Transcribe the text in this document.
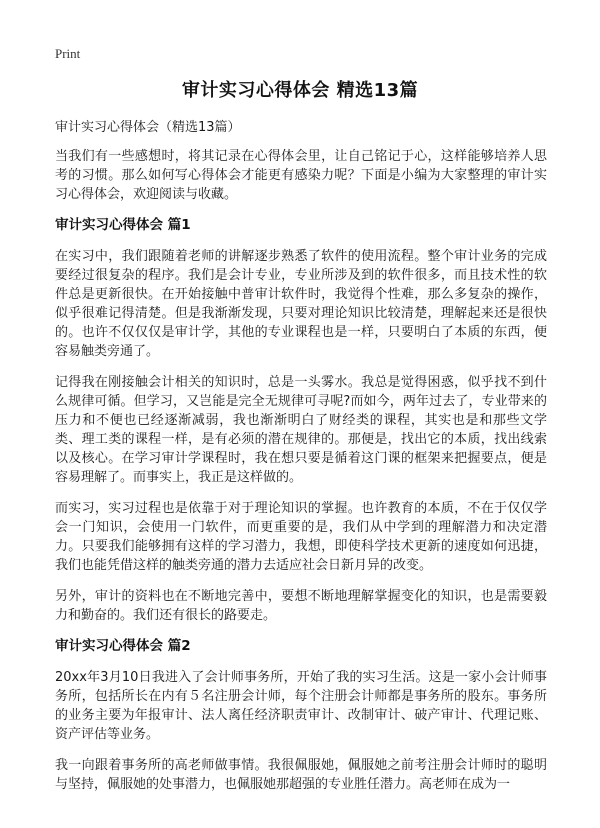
Print
审计实习心得体会 精选13篇
审计实习心得体会（精选13篇）

当我们有一些感想时，将其记录在心得体会里，让自己铭记于心，这样能够培养人思考的习惯。那么如何写心得体会才能更有感染力呢？下面是小编为大家整理的审计实习心得体会，欢迎阅读与收藏。

审计实习心得体会 篇1

在实习中，我们跟随着老师的讲解逐步熟悉了软件的使用流程。整个审计业务的完成要经过很复杂的程序。我们是会计专业，专业所涉及到的软件很多，而且技术性的软件总是更新很快。在开始接触中普审计软件时，我觉得个性难，那么多复杂的操作，似乎很难记得清楚。但是我渐渐发现，只要对理论知识比较清楚，理解起来还是很快的。也许不仅仅仅是审计学，其他的专业课程也是一样，只要明白了本质的东西，便容易触类旁通了。

记得我在刚接触会计相关的知识时，总是一头雾水。我总是觉得困惑，似乎找不到什么规律可循。但学习，又岂能是完全无规律可寻呢?而如今，两年过去了，专业带来的压力和不便也已经逐渐减弱，我也渐渐明白了财经类的课程，其实也是和那些文学类、理工类的课程一样，是有必须的潜在规律的。那便是，找出它的本质，找出线索以及核心。在学习审计学课程时，我在想只要是循着这门课的框架来把握要点，便是容易理解了。而事实上，我正是这样做的。

而实习，实习过程也是依靠于对于理论知识的掌握。也许教育的本质，不在于仅仅学会一门知识，会使用一门软件，而更重要的是，我们从中学到的理解潜力和决定潜力。只要我们能够拥有这样的学习潜力，我想，即使科学技术更新的速度如何迅捷，我们也能凭借这样的触类旁通的潜力去适应社会日新月异的改变。

另外，审计的资料也在不断地完善中，要想不断地理解掌握变化的知识，也是需要毅力和勤奋的。我们还有很长的路要走。

审计实习心得体会 篇2

20xx年3月10日我进入了会计师事务所，开始了我的实习生活。这是一家小会计师事务所，包括所长在内有５名注册会计师，每个注册会计师都是事务所的股东。事务所的业务主要为年报审计、法人离任经济职责审计、改制审计、破产审计、代理记账、资产评估等业务。

我一向跟着事务所的高老师做事情。我很佩服她，佩服她之前考注册会计师时的聪明与坚持，佩服她的处事潜力，也佩服她那超强的专业胜任潜力。高老师在成为一
